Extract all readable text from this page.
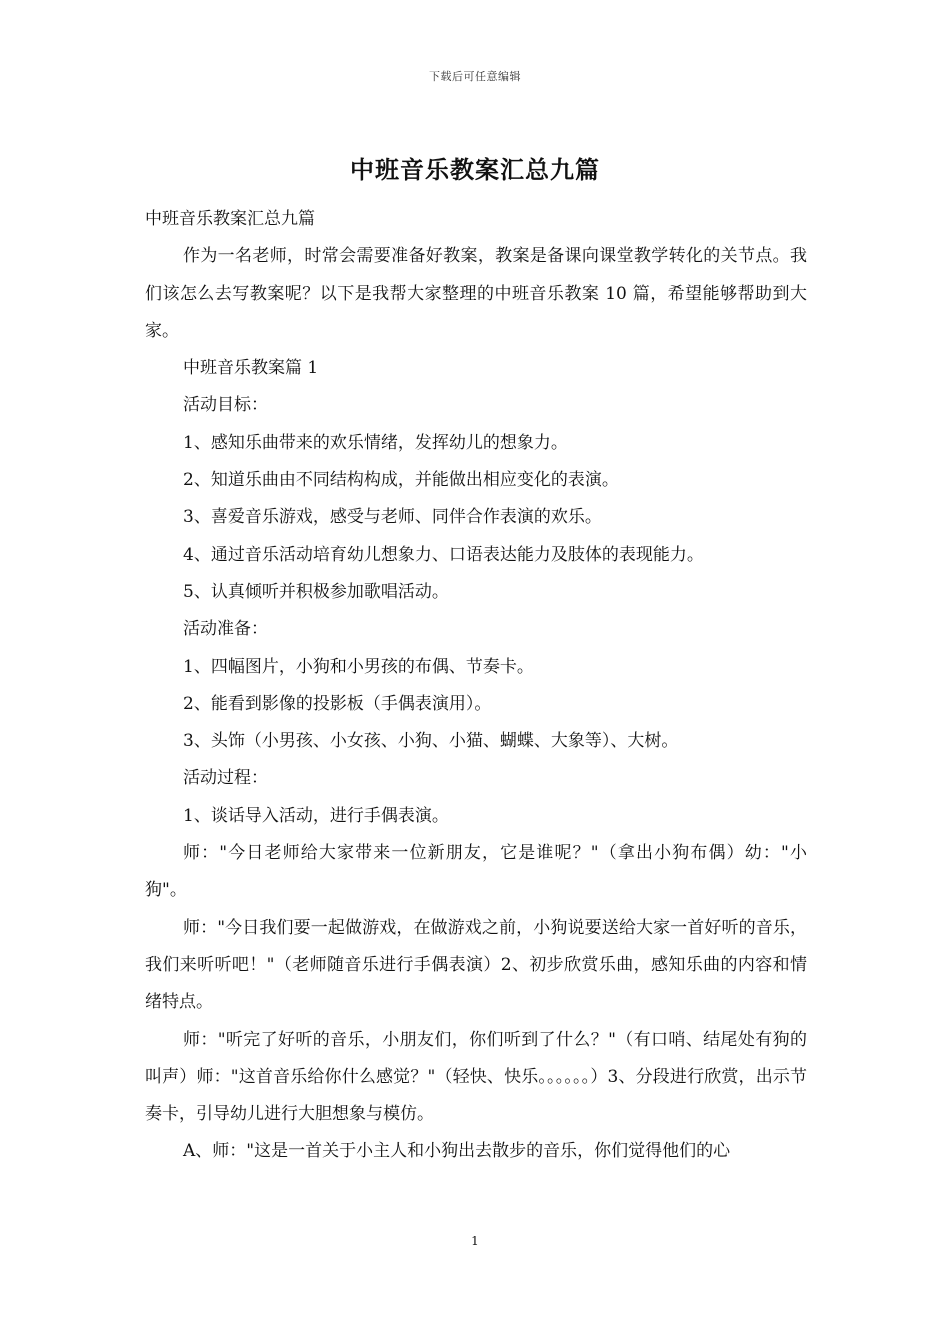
下载后可任意编辑
中班音乐教案汇总九篇

中班音乐教案汇总九篇

作为一名老师，时常会需要准备好教案，教案是备课向课堂教学转化的关节点。我们该怎么去写教案呢？以下是我帮大家整理的中班音乐教案 10 篇，希望能够帮助到大家。

中班音乐教案篇 1

活动目标：

1、感知乐曲带来的欢乐情绪，发挥幼儿的想象力。

2、知道乐曲由不同结构构成，并能做出相应变化的表演。

3、喜爱音乐游戏，感受与老师、同伴合作表演的欢乐。

4、通过音乐活动培育幼儿想象力、口语表达能力及肢体的表现能力。

5、认真倾听并积极参加歌唱活动。

活动准备：

1、四幅图片，小狗和小男孩的布偶、节奏卡。

2、能看到影像的投影板（手偶表演用）。

3、头饰（小男孩、小女孩、小狗、小猫、蝴蝶、大象等）、大树。

活动过程：

1、谈话导入活动，进行手偶表演。

师："今日老师给大家带来一位新朋友，它是谁呢？"（拿出小狗布偶）幼："小狗"。

师："今日我们要一起做游戏，在做游戏之前，小狗说要送给大家一首好听的音乐，我们来听听吧！"（老师随音乐进行手偶表演）2、初步欣赏乐曲，感知乐曲的内容和情绪特点。

师："听完了好听的音乐，小朋友们，你们听到了什么？"（有口哨、结尾处有狗的叫声）师："这首音乐给你什么感觉？"（轻快、快乐。。。。。。）3、分段进行欣赏，出示节奏卡，引导幼儿进行大胆想象与模仿。

A、师："这是一首关于小主人和小狗出去散步的音乐，你们觉得他们的心

1
